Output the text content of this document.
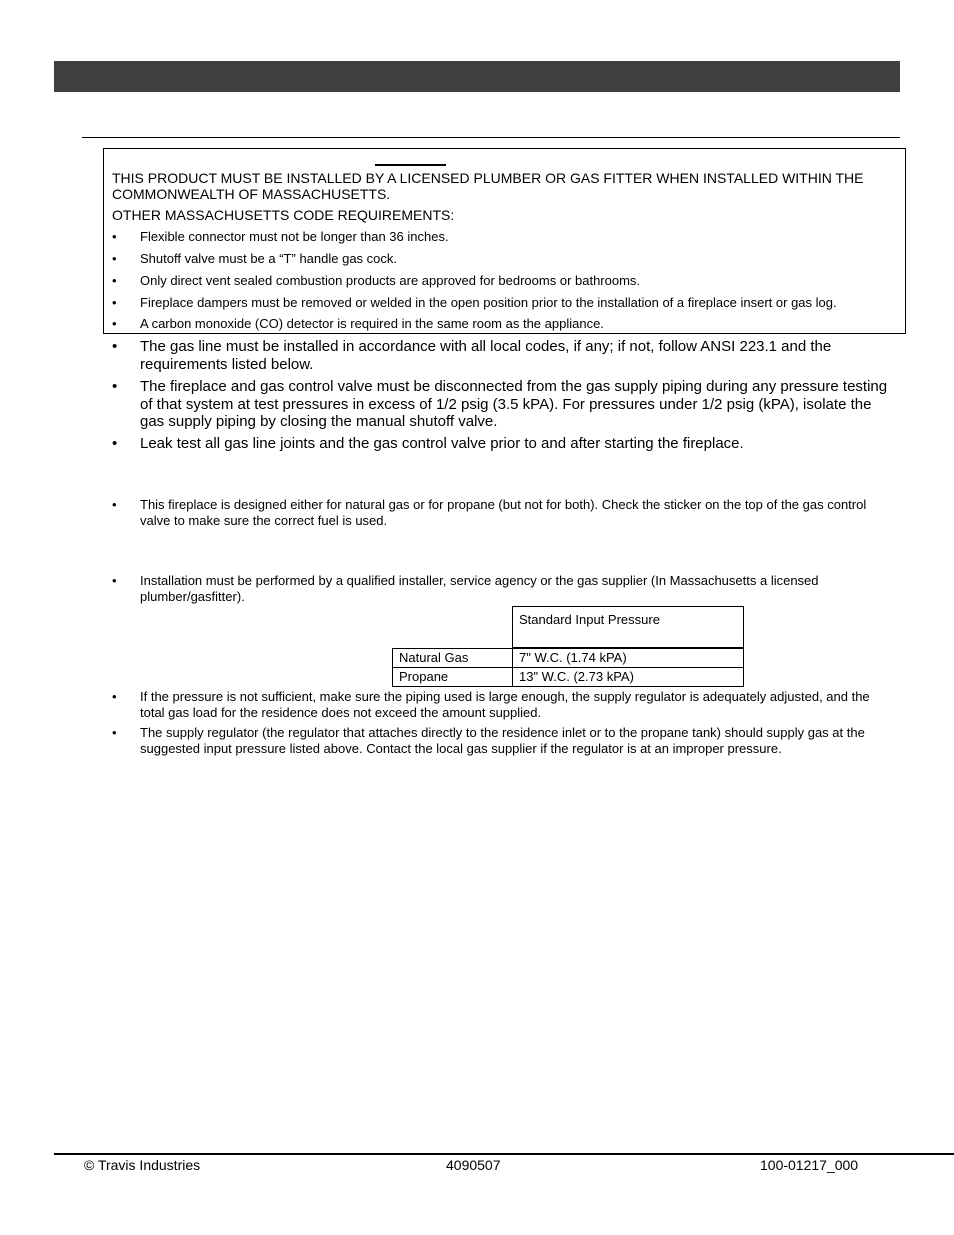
THIS PRODUCT MUST BE INSTALLED BY A LICENSED PLUMBER OR GAS FITTER WHEN INSTALLED WITHIN THE COMMONWEALTH OF MASSACHUSETTS.
OTHER MASSACHUSETTS CODE REQUIREMENTS:
•	Flexible connector must not be longer than 36 inches.
•	Shutoff valve must be a “T” handle gas cock.
•	Only direct vent sealed combustion products are approved for bedrooms or bathrooms.
•	Fireplace dampers must be removed or welded in the open position prior to the installation of a fireplace insert or gas log.
•	A carbon monoxide (CO) detector is required in the same room as the appliance.
•	The gas line must be installed in accordance with all local codes, if any; if not, follow ANSI 223.1 and the requirements listed below.
•	The fireplace and gas control valve must be disconnected from the gas supply piping during any pressure testing of that system at test pressures in excess of 1/2 psig (3.5 kPA). For pressures under 1/2 psig (kPA), isolate the gas supply piping by closing the manual shutoff valve.
•	Leak test all gas line joints and the gas control valve prior to and after starting the fireplace.
•	This fireplace is designed either for natural gas or for propane (but not for both). Check the sticker on the top of the gas control valve to make sure the correct fuel is used.
•	Installation must be performed by a qualified installer, service agency or the gas supplier (In Massachusetts a licensed plumber/gasfitter).
Standard Input Pressure
Natural Gas	7" W.C. (1.74 kPA)
Propane	13" W.C. (2.73 kPA)
•	If the pressure is not sufficient, make sure the piping used is large enough, the supply regulator is adequately adjusted, and the total gas load for the residence does not exceed the amount supplied.
•	The supply regulator (the regulator that attaches directly to the residence inlet or to the propane tank) should supply gas at the suggested input pressure listed above. Contact the local gas supplier if the regulator is at an improper pressure.
© Travis Industries	4090507	100-01217_000
